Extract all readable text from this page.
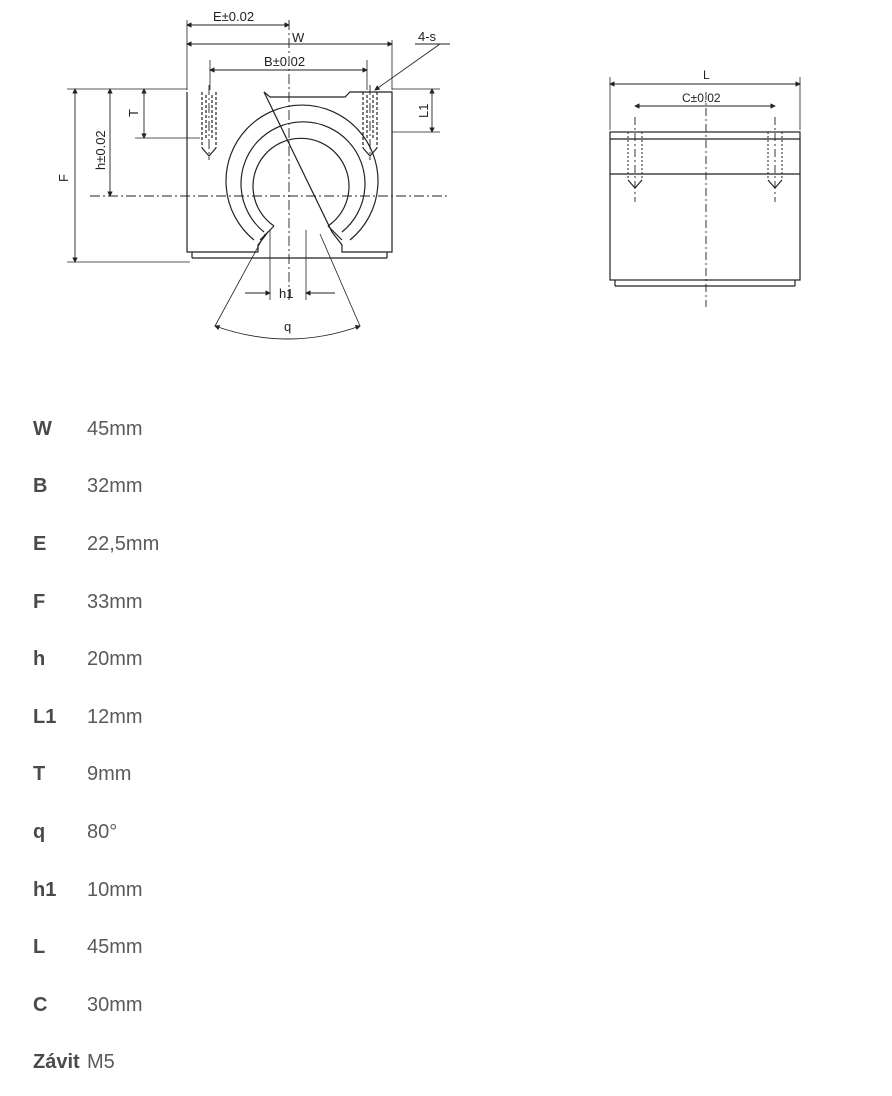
E±0.02
W	4-s
B±0.02
h1
q
T	L1
h±0.02
F
L
C±0.02
W	45mm
B	32mm
E	22,5mm
F	33mm
h	20mm
L1	12mm
T	9mm
q	80°
h1	10mm
L	45mm
C	30mm
Závit	M5
